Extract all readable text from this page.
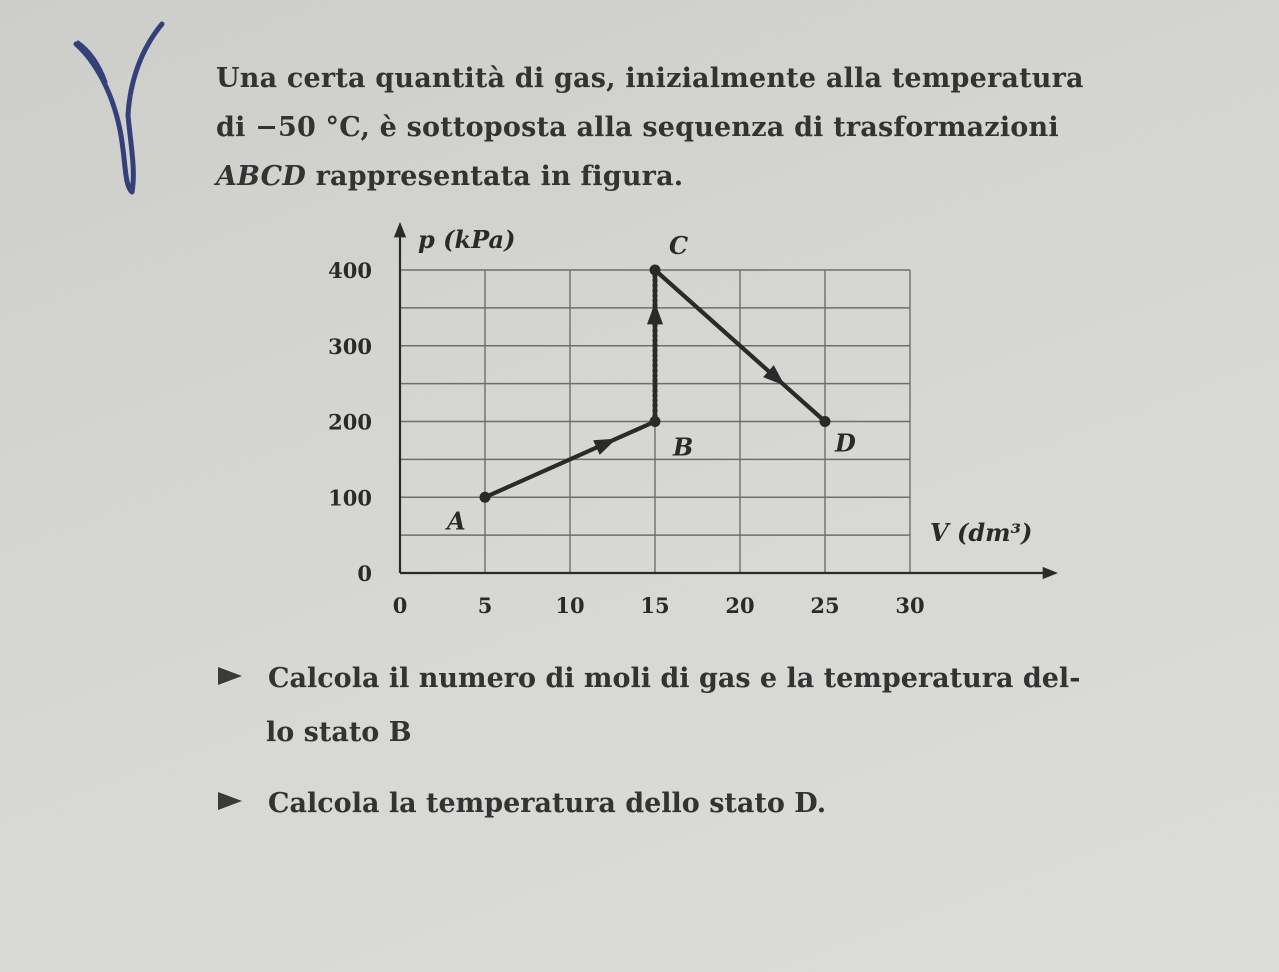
Una certa quantità di gas, inizialmente alla temperatura
di −50 °C, è sottoposta alla sequenza di trasformazioni
ABCD rappresentata in figura.

0	5	10	15	20	25	30
0
100
200
300
400
p (kPa)
V (dm³)
A
B
C
D

Calcola il numero di moli di gas e la temperatura del-
lo stato B

Calcola la temperatura dello stato D.
